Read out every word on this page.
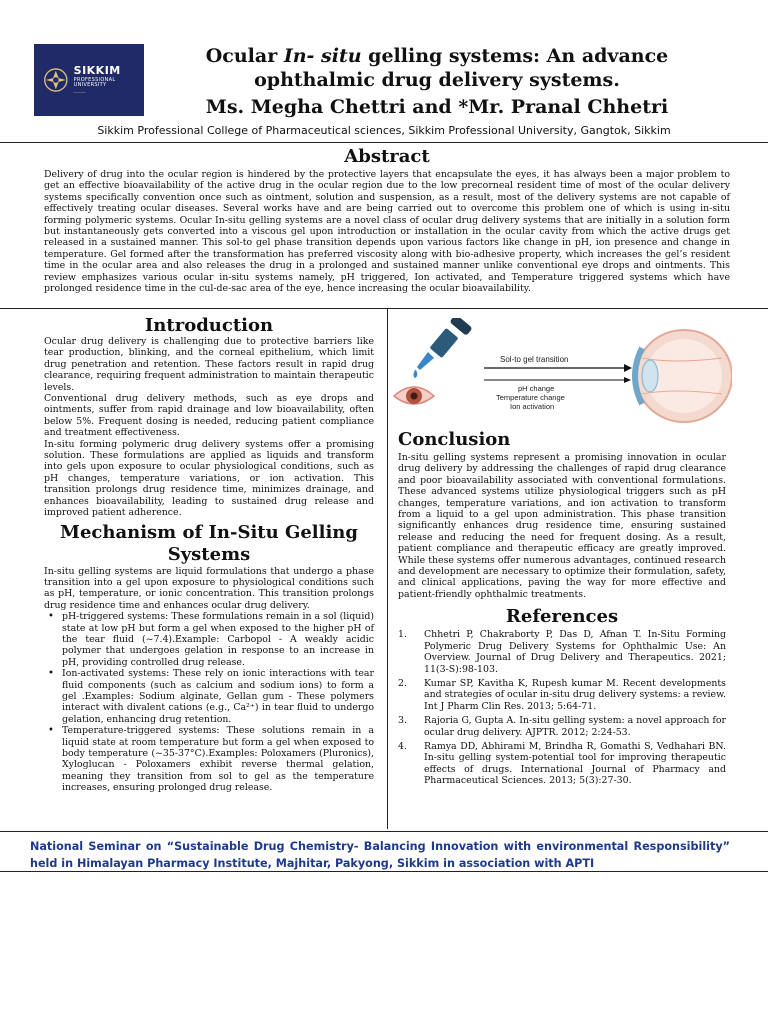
SIKKIM
PROFESSIONAL UNIVERSITY
———
Ocular In- situ gelling systems: An advance ophthalmic drug delivery systems.
Ms. Megha Chettri and *Mr. Pranal Chhetri
Sikkim Professional College of Pharmaceutical sciences, Sikkim Professional University, Gangtok, Sikkim
Abstract

Delivery of drug into the ocular region is hindered by the protective layers that encapsulate the eyes, it has always been a major problem to get an effective bioavailability of the active drug in the ocular region due to the low precorneal resident time of most of the ocular delivery systems specifically convention once such as ointment, solution and suspension, as a result, most of the delivery systems are not capable of effectively treating ocular diseases. Several works have and are being carried out to overcome this problem one of which is using in-situ forming polymeric systems. Ocular In-situ gelling systems are a novel class of ocular drug delivery systems that are initially in a solution form but instantaneously gets converted into a viscous gel upon introduction or installation in the ocular cavity from which the active drugs get released in a sustained manner. This sol-to gel phase transition depends upon various factors like change in pH, ion presence and change in temperature. Gel formed after the transformation has preferred viscosity along with bio-adhesive property, which increases the gel’s resident time in the ocular area and also releases the drug in a prolonged and sustained manner unlike conventional eye drops and ointments. This review emphasizes various ocular in-situ systems namely, pH triggered, Ion activated, and Temperature triggered systems which have prolonged residence time in the cul-de-sac area of the eye, hence increasing the ocular bioavailability.

Introduction

Ocular drug delivery is challenging due to protective barriers like tear production, blinking, and the corneal epithelium, which limit drug penetration and retention. These factors result in rapid drug clearance, requiring frequent administration to maintain therapeutic levels.

Conventional drug delivery methods, such as eye drops and ointments, suffer from rapid drainage and low bioavailability, often below 5%. Frequent dosing is needed, reducing patient compliance and treatment effectiveness.

In-situ forming polymeric drug delivery systems offer a promising solution. These formulations are applied as liquids and transform into gels upon exposure to ocular physiological conditions, such as pH changes, temperature variations, or ion activation. This transition prolongs drug residence time, minimizes drainage, and enhances bioavailability, leading to sustained drug release and improved patient adherence.

Mechanism of In-Situ Gelling Systems

In-situ gelling systems are liquid formulations that undergo a phase transition into a gel upon exposure to physiological conditions such as pH, temperature, or ionic concentration. This transition prolongs drug residence time and enhances ocular drug delivery.

• pH-triggered systems: These formulations remain in a sol (liquid) state at low pH but form a gel when exposed to the higher pH of the tear fluid (~7.4).Example: Carbopol - A weakly acidic polymer that undergoes gelation in response to an increase in pH, providing controlled drug release.
• Ion-activated systems: These rely on ionic interactions with tear fluid components (such as calcium and sodium ions) to form a gel .Examples: Sodium alginate, Gellan gum - These polymers interact with divalent cations (e.g., Ca²⁺) in tear fluid to undergo gelation, enhancing drug retention.
• Temperature-triggered systems: These solutions remain in a liquid state at room temperature but form a gel when exposed to body temperature (~35-37°C).Examples: Poloxamers (Pluronics), Xyloglucan - Poloxamers exhibit reverse thermal gelation, meaning they transition from sol to gel as the temperature increases, ensuring prolonged drug release.
Sol-to gel transition
pH change
Temperature change
Ion activation
Conclusion

In-situ gelling systems represent a promising innovation in ocular drug delivery by addressing the challenges of rapid drug clearance and poor bioavailability associated with conventional formulations. These advanced systems utilize physiological triggers such as pH changes, temperature variations, and ion activation to transform from a liquid to a gel upon administration. This phase transition significantly enhances drug residence time, ensuring sustained release and reducing the need for frequent dosing. As a result, patient compliance and therapeutic efficacy are greatly improved. While these systems offer numerous advantages, continued research and development are necessary to optimize their formulation, safety, and clinical applications, paving the way for more effective and patient-friendly ophthalmic treatments.

References
1.	Chhetri P, Chakraborty P, Das D, Afnan T. In-Situ Forming Polymeric Drug Delivery Systems for Ophthalmic Use: An Overview. Journal of Drug Delivery and Therapeutics. 2021; 11(3-S):98-103.
2.	Kumar SP, Kavitha K, Rupesh kumar M. Recent developments and strategies of ocular in-situ drug delivery systems: a review. Int J Pharm Clin Res. 2013; 5:64-71.
3.	Rajoria G, Gupta A. In-situ gelling system: a novel approach for ocular drug delivery. AJPTR. 2012; 2:24-53.
4.	Ramya DD, Abhirami M, Brindha R, Gomathi S, Vedhahari BN. In-situ gelling system-potential tool for improving therapeutic effects of drugs. International Journal of Pharmacy and Pharmaceutical Sciences. 2013; 5(3):27-30.
National Seminar on “Sustainable Drug Chemistry- Balancing Innovation with environmental Responsibility” held in Himalayan Pharmacy Institute, Majhitar, Pakyong, Sikkim in association with APTI
